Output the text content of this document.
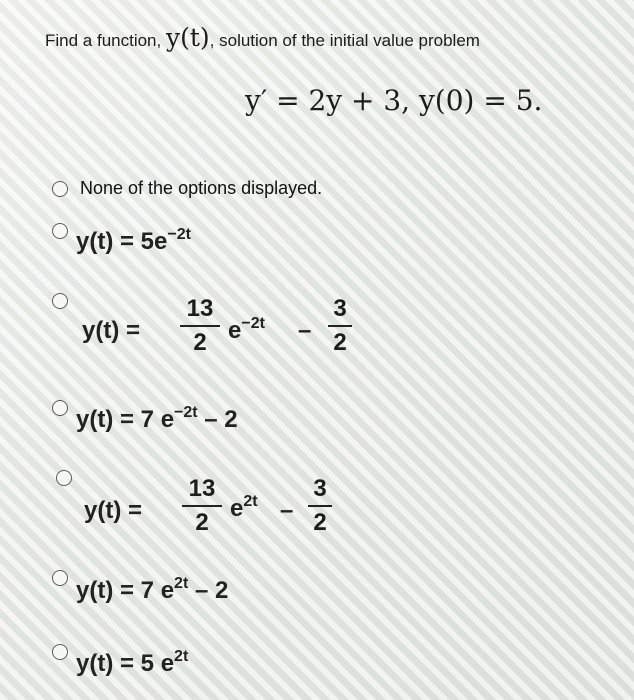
Find a function, y(t), solution of the initial value problem
y′ = 2y + 3, y(0) = 5.
None of the options displayed.
$y(t) = 5e^{-2t}$
y(t) =
13
2 $e^{-2t}$ –
3
2
y(t) = 7 $e^{-2t} - 2$
y(t) =
13
2
$e^{2t}$ –
3
2
y(t) = 7 $e^{2t} - 2$
y(t) = 5 $e^{2t}$
